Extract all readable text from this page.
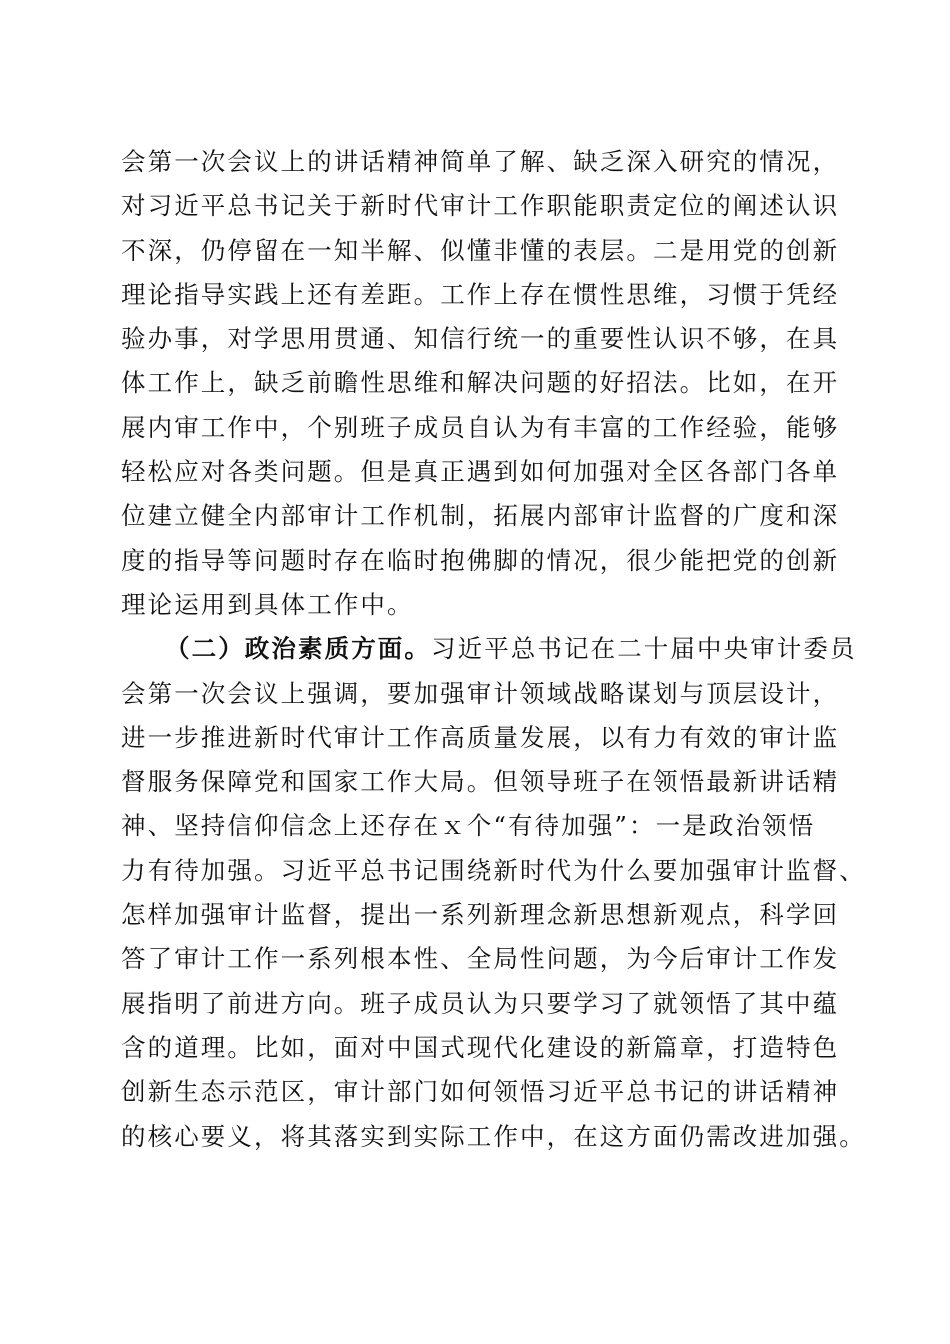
会第一次会议上的讲话精神简单了解、缺乏深入研究的情况，
对习近平总书记关于新时代审计工作职能职责定位的阐述认识
不深，仍停留在一知半解、似懂非懂的表层。二是用党的创新
理论指导实践上还有差距。工作上存在惯性思维，习惯于凭经
验办事，对学思用贯通、知信行统一的重要性认识不够，在具
体工作上，缺乏前瞻性思维和解决问题的好招法。比如，在开
展内审工作中，个别班子成员自认为有丰富的工作经验，能够
轻松应对各类问题。但是真正遇到如何加强对全区各部门各单
位建立健全内部审计工作机制，拓展内部审计监督的广度和深
度的指导等问题时存在临时抱佛脚的情况，很少能把党的创新
理论运用到具体工作中。
（二）政治素质方面。习近平总书记在二十届中央审计委员
会第一次会议上强调，要加强审计领域战略谋划与顶层设计，
进一步推进新时代审计工作高质量发展，以有力有效的审计监
督服务保障党和国家工作大局。但领导班子在领悟最新讲话精
神、坚持信仰信念上还存在ｘ个“有待加强”：一是政治领悟
力有待加强。习近平总书记围绕新时代为什么要加强审计监督、
怎样加强审计监督，提出一系列新理念新思想新观点，科学回
答了审计工作一系列根本性、全局性问题，为今后审计工作发
展指明了前进方向。班子成员认为只要学习了就领悟了其中蕴
含的道理。比如，面对中国式现代化建设的新篇章，打造特色
创新生态示范区，审计部门如何领悟习近平总书记的讲话精神
的核心要义，将其落实到实际工作中，在这方面仍需改进加强。
